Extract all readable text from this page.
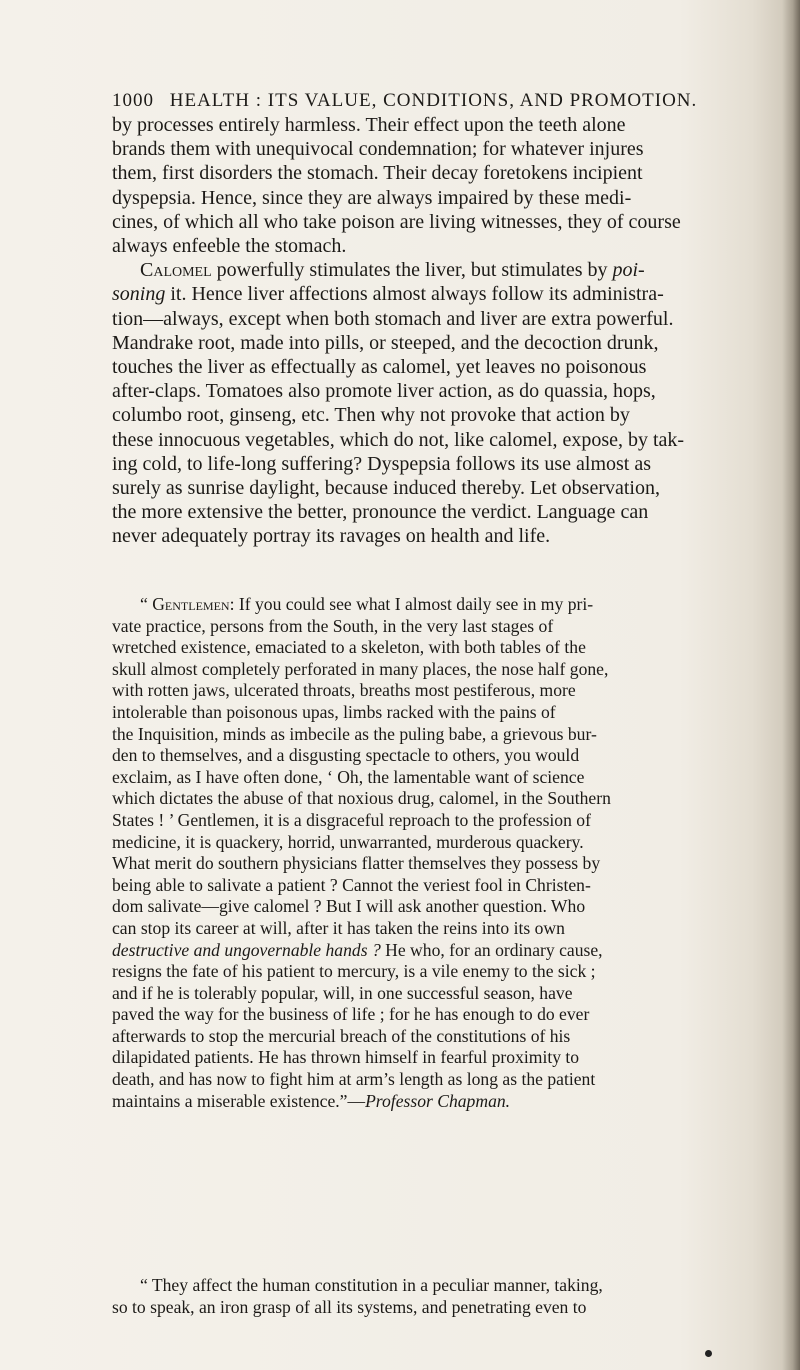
1000 HEALTH : ITS VALUE, CONDITIONS, AND PROMOTION.
by processes entirely harmless. Their effect upon the teeth alone
brands them with unequivocal condemnation; for whatever injures
them, first disorders the stomach. Their decay foretokens incipient
dyspepsia. Hence, since they are always impaired by these medi-
cines, of which all who take poison are living witnesses, they of course
always enfeeble the stomach.
Calomel powerfully stimulates the liver, but stimulates by poi-
soning it. Hence liver affections almost always follow its administra-
tion—always, except when both stomach and liver are extra powerful.
Mandrake root, made into pills, or steeped, and the decoction drunk,
touches the liver as effectually as calomel, yet leaves no poisonous
after-claps. Tomatoes also promote liver action, as do quassia, hops,
columbo root, ginseng, etc. Then why not provoke that action by
these innocuous vegetables, which do not, like calomel, expose, by tak-
ing cold, to life-long suffering? Dyspepsia follows its use almost as
surely as sunrise daylight, because induced thereby. Let observation,
the more extensive the better, pronounce the verdict. Language can
never adequately portray its ravages on health and life.
“ Gentlemen: If you could see what I almost daily see in my pri-
vate practice, persons from the South, in the very last stages of
wretched existence, emaciated to a skeleton, with both tables of the
skull almost completely perforated in many places, the nose half gone,
with rotten jaws, ulcerated throats, breaths most pestiferous, more
intolerable than poisonous upas, limbs racked with the pains of
the Inquisition, minds as imbecile as the puling babe, a grievous bur-
den to themselves, and a disgusting spectacle to others, you would
exclaim, as I have often done, ‘ Oh, the lamentable want of science
which dictates the abuse of that noxious drug, calomel, in the Southern
States ! ’ Gentlemen, it is a disgraceful reproach to the profession of
medicine, it is quackery, horrid, unwarranted, murderous quackery.
What merit do southern physicians flatter themselves they possess by
being able to salivate a patient ? Cannot the veriest fool in Christen-
dom salivate—give calomel ? But I will ask another question. Who
can stop its career at will, after it has taken the reins into its own
destructive and ungovernable hands ? He who, for an ordinary cause,
resigns the fate of his patient to mercury, is a vile enemy to the sick ;
and if he is tolerably popular, will, in one successful season, have
paved the way for the business of life ; for he has enough to do ever
afterwards to stop the mercurial breach of the constitutions of his
dilapidated patients. He has thrown himself in fearful proximity to
death, and has now to fight him at arm’s length as long as the patient
maintains a miserable existence.”—Professor Chapman.
“ They affect the human constitution in a peculiar manner, taking,
so to speak, an iron grasp of all its systems, and penetrating even to
